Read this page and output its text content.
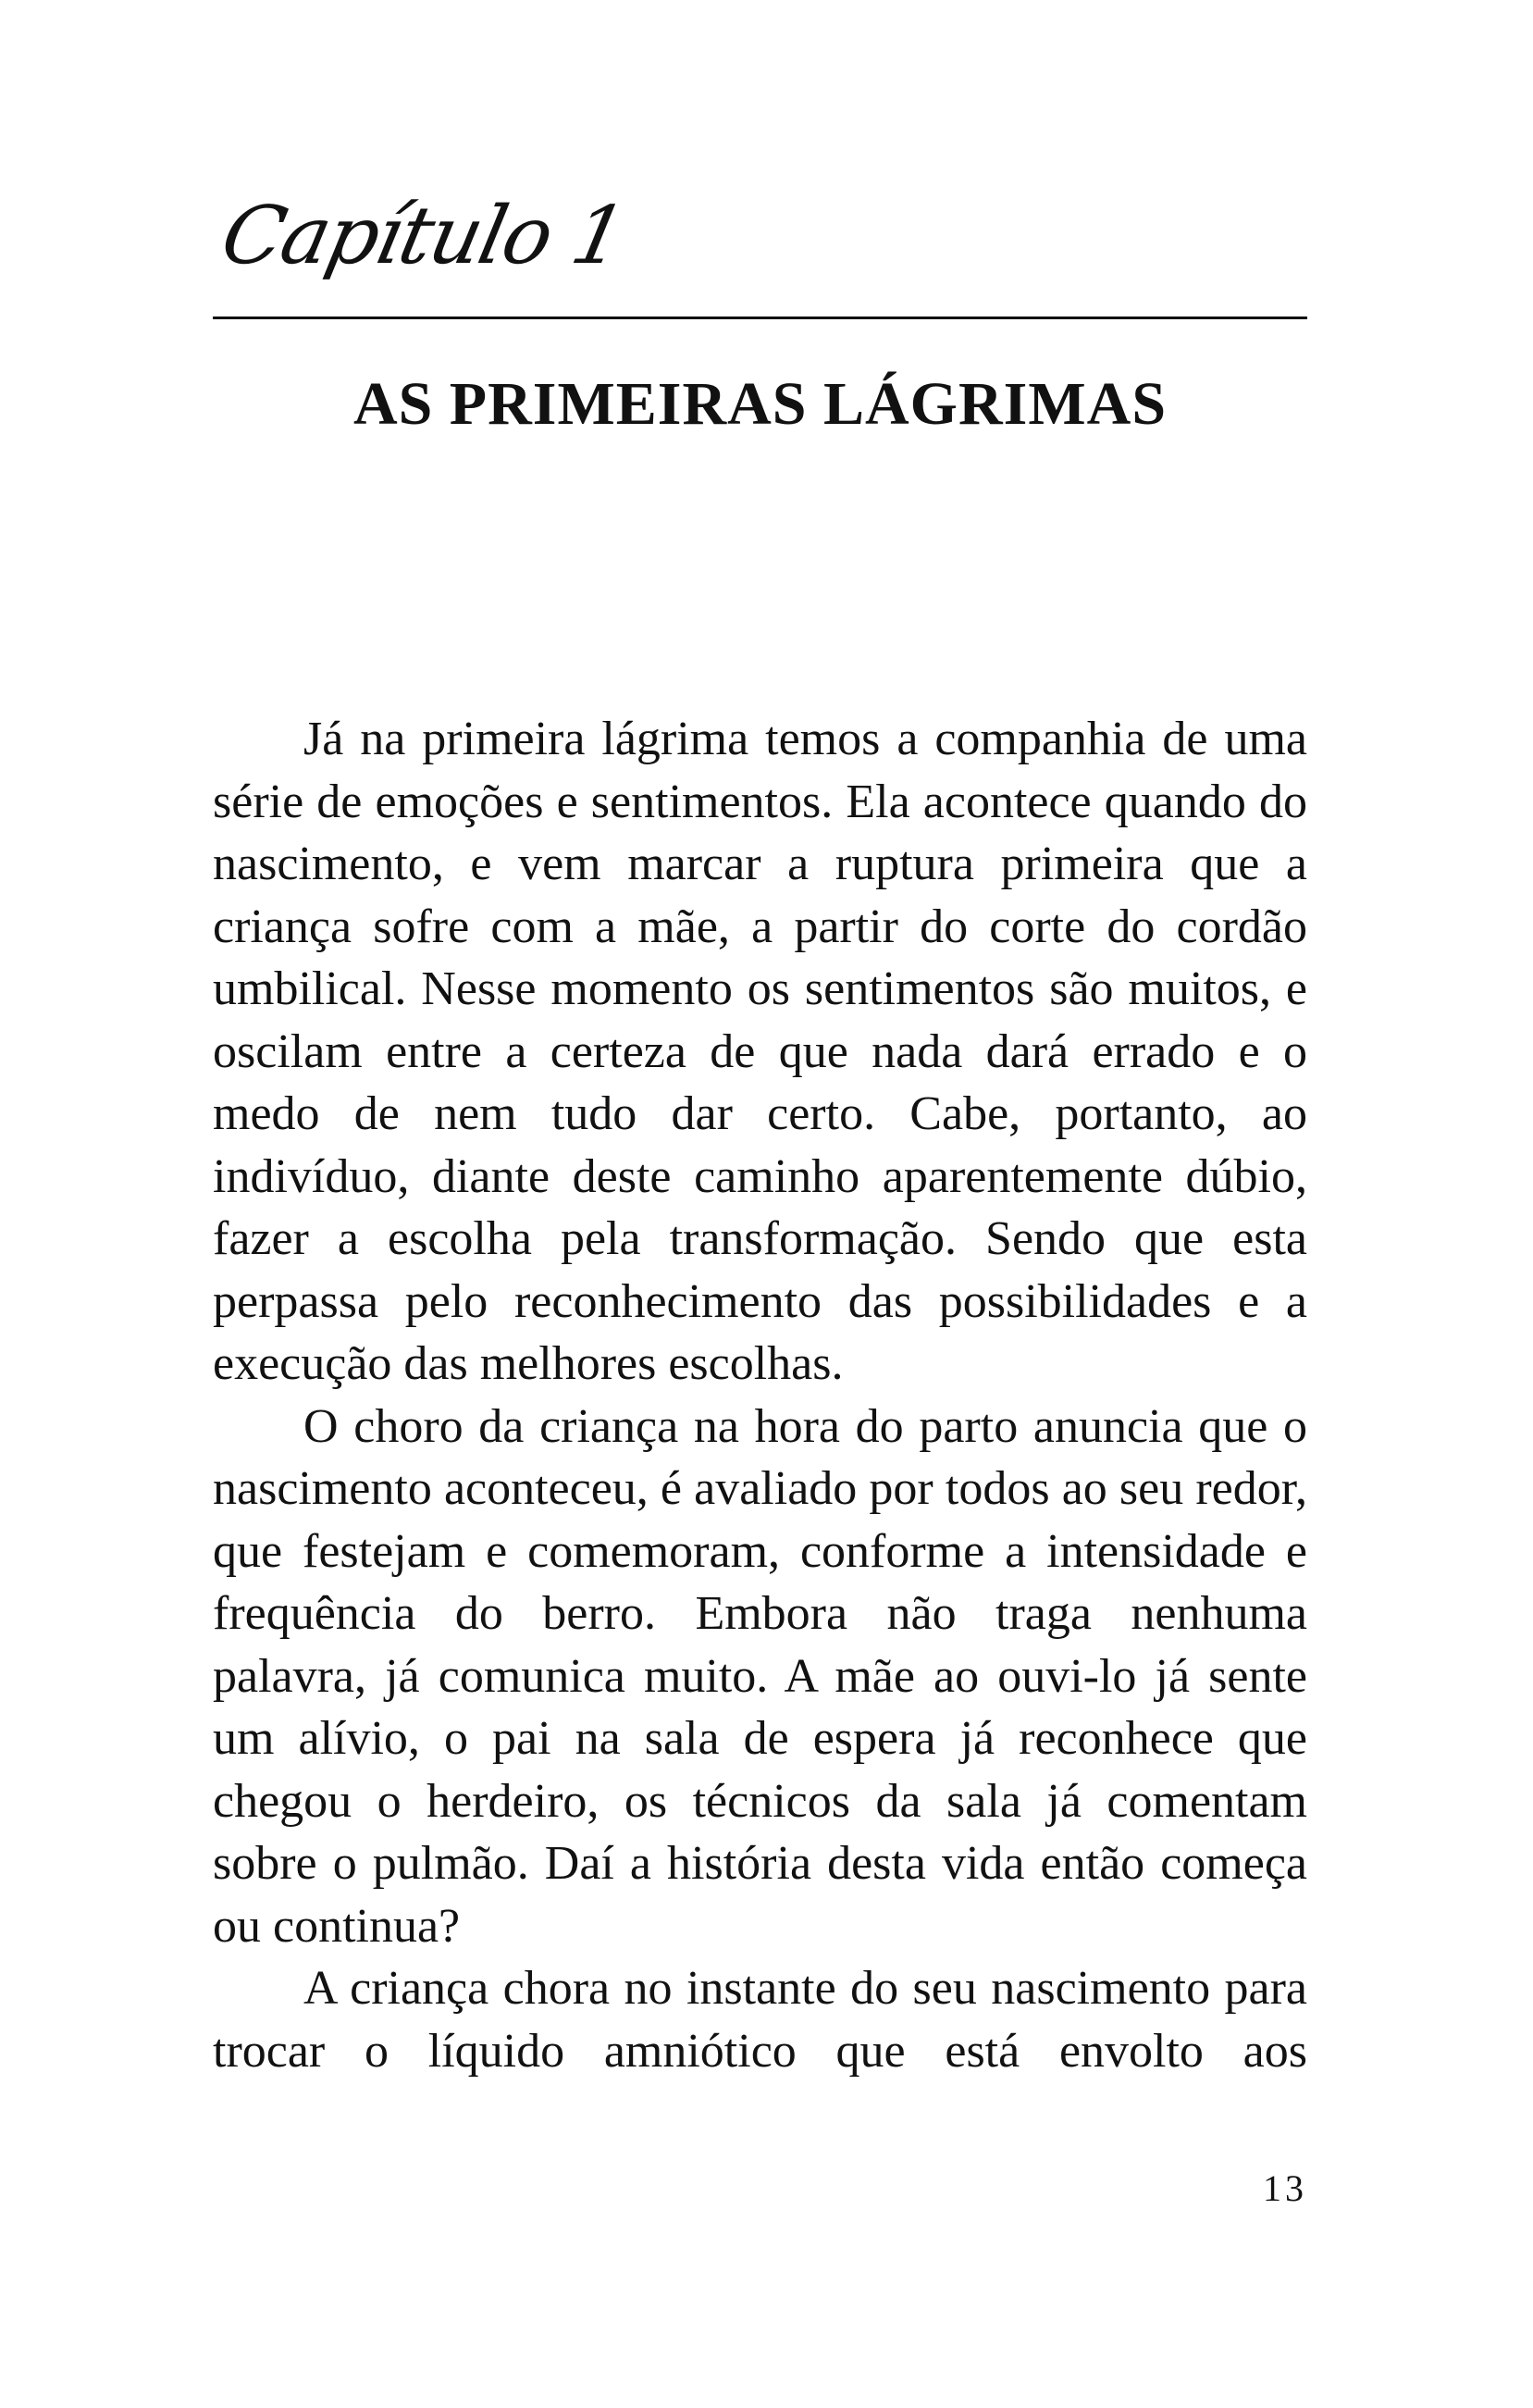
Capítulo 1
AS PRIMEIRAS LÁGRIMAS

Já na primeira lágrima temos a companhia de uma série de emoções e sentimentos. Ela acontece quando do nascimento, e vem marcar a ruptura primeira que a criança sofre com a mãe, a partir do corte do cordão umbilical. Nesse momento os sentimentos são muitos, e oscilam entre a certeza de que nada dará errado e o medo de nem tudo dar certo. Cabe, portanto, ao indivíduo, diante deste caminho aparentemente dúbio, fazer a escolha pela transformação. Sendo que esta perpassa pelo reconhecimento das possibilidades e a execução das melhores escolhas.

O choro da criança na hora do parto anuncia que o nascimento aconteceu, é avaliado por todos ao seu redor, que festejam e comemoram, conforme a intensidade e frequência do berro. Embora não traga nenhuma palavra, já comunica muito. A mãe ao ouvi-lo já sente um alívio, o pai na sala de espera já reconhece que chegou o herdeiro, os técnicos da sala já comentam sobre o pulmão. Daí a história desta vida então começa ou continua?

A criança chora no instante do seu nascimento para trocar o líquido amniótico que está envolto aos

13
